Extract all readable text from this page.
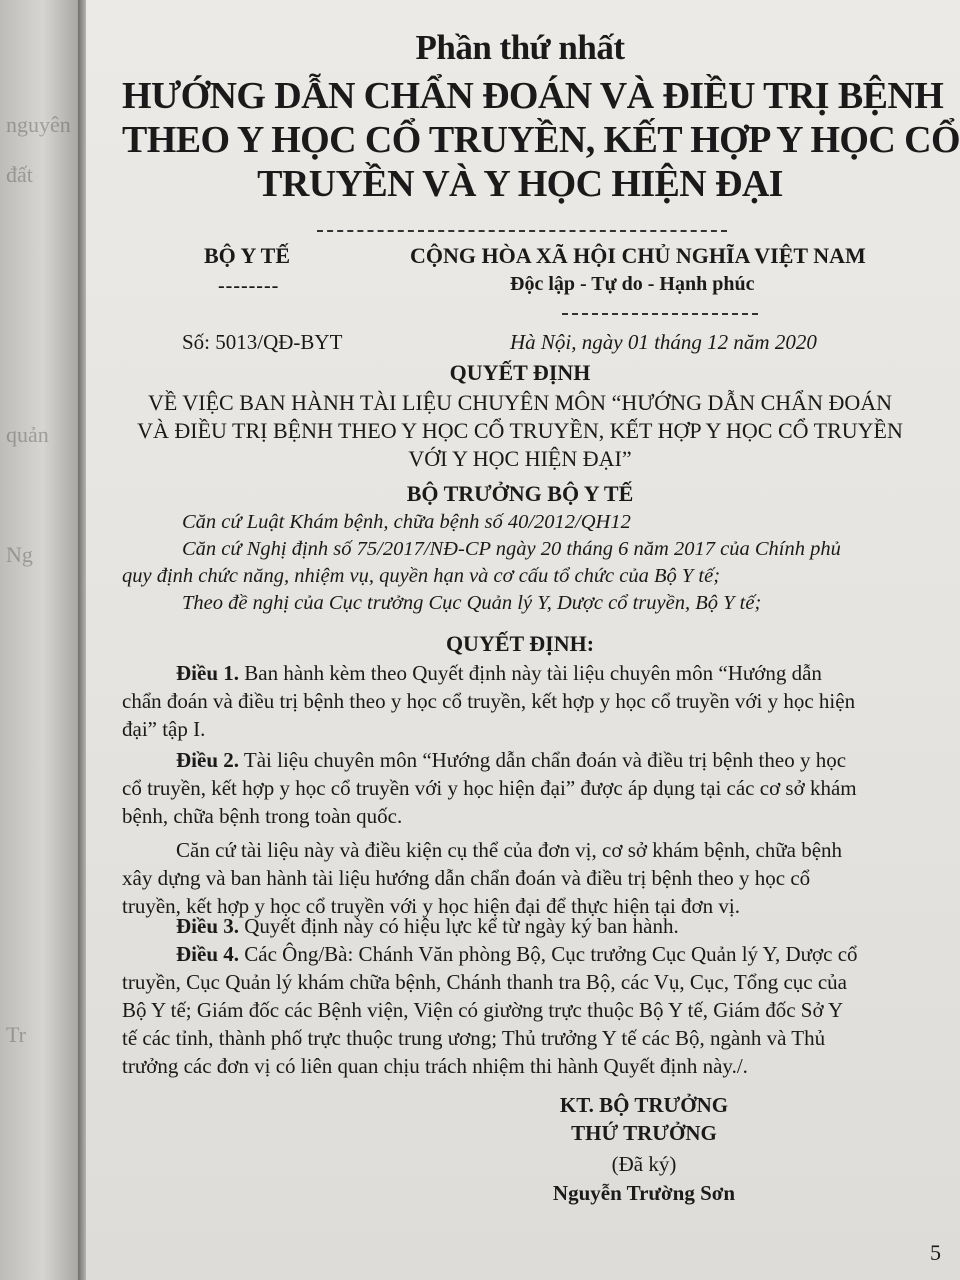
nguyên
đất
quản
Ng
Tr
Phần thứ nhất
HƯỚNG DẪN CHẨN ĐOÁN VÀ ĐIỀU TRỊ BỆNH
THEO Y HỌC CỔ TRUYỀN, KẾT HỢP Y HỌC CỔ
TRUYỀN VÀ Y HỌC HIỆN ĐẠI
BỘ Y TẾ
--------
CỘNG HÒA XÃ HỘI CHỦ NGHĨA VIỆT NAM
Độc lập - Tự do - Hạnh phúc
Số: 5013/QĐ-BYT	Hà Nội, ngày 01 tháng 12 năm 2020
QUYẾT ĐỊNH
VỀ VIỆC BAN HÀNH TÀI LIỆU CHUYÊN MÔN “HƯỚNG DẪN CHẨN ĐOÁN
VÀ ĐIỀU TRỊ BỆNH THEO Y HỌC CỔ TRUYỀN, KẾT HỢP Y HỌC CỔ TRUYỀN
VỚI Y HỌC HIỆN ĐẠI”
BỘ TRƯỞNG BỘ Y TẾ
Căn cứ Luật Khám bệnh, chữa bệnh số 40/2012/QH12
Căn cứ Nghị định số 75/2017/NĐ-CP ngày 20 tháng 6 năm 2017 của Chính phủ
quy định chức năng, nhiệm vụ, quyền hạn và cơ cấu tổ chức của Bộ Y tế;
Theo đề nghị của Cục trưởng Cục Quản lý Y, Dược cổ truyền, Bộ Y tế;
QUYẾT ĐỊNH:
Điều 1. Ban hành kèm theo Quyết định này tài liệu chuyên môn “Hướng dẫn
chẩn đoán và điều trị bệnh theo y học cổ truyền, kết hợp y học cổ truyền với y học hiện
đại” tập I.
Điều 2. Tài liệu chuyên môn “Hướng dẫn chẩn đoán và điều trị bệnh theo y học
cổ truyền, kết hợp y học cổ truyền với y học hiện đại” được áp dụng tại các cơ sở khám
bệnh, chữa bệnh trong toàn quốc.
Căn cứ tài liệu này và điều kiện cụ thể của đơn vị, cơ sở khám bệnh, chữa bệnh
xây dựng và ban hành tài liệu hướng dẫn chẩn đoán và điều trị bệnh theo y học cổ
truyền, kết hợp y học cổ truyền với y học hiện đại để thực hiện tại đơn vị.
Điều 3. Quyết định này có hiệu lực kể từ ngày ký ban hành.
Điều 4. Các Ông/Bà: Chánh Văn phòng Bộ, Cục trưởng Cục Quản lý Y, Dược cổ
truyền, Cục Quản lý khám chữa bệnh, Chánh thanh tra Bộ, các Vụ, Cục, Tổng cục của
Bộ Y tế; Giám đốc các Bệnh viện, Viện có giường trực thuộc Bộ Y tế, Giám đốc Sở Y
tế các tỉnh, thành phố trực thuộc trung ương; Thủ trưởng Y tế các Bộ, ngành và Thủ
trưởng các đơn vị có liên quan chịu trách nhiệm thi hành Quyết định này./.
KT. BỘ TRƯỞNG
THỨ TRƯỞNG
(Đã ký)
Nguyễn Trường Sơn
5
